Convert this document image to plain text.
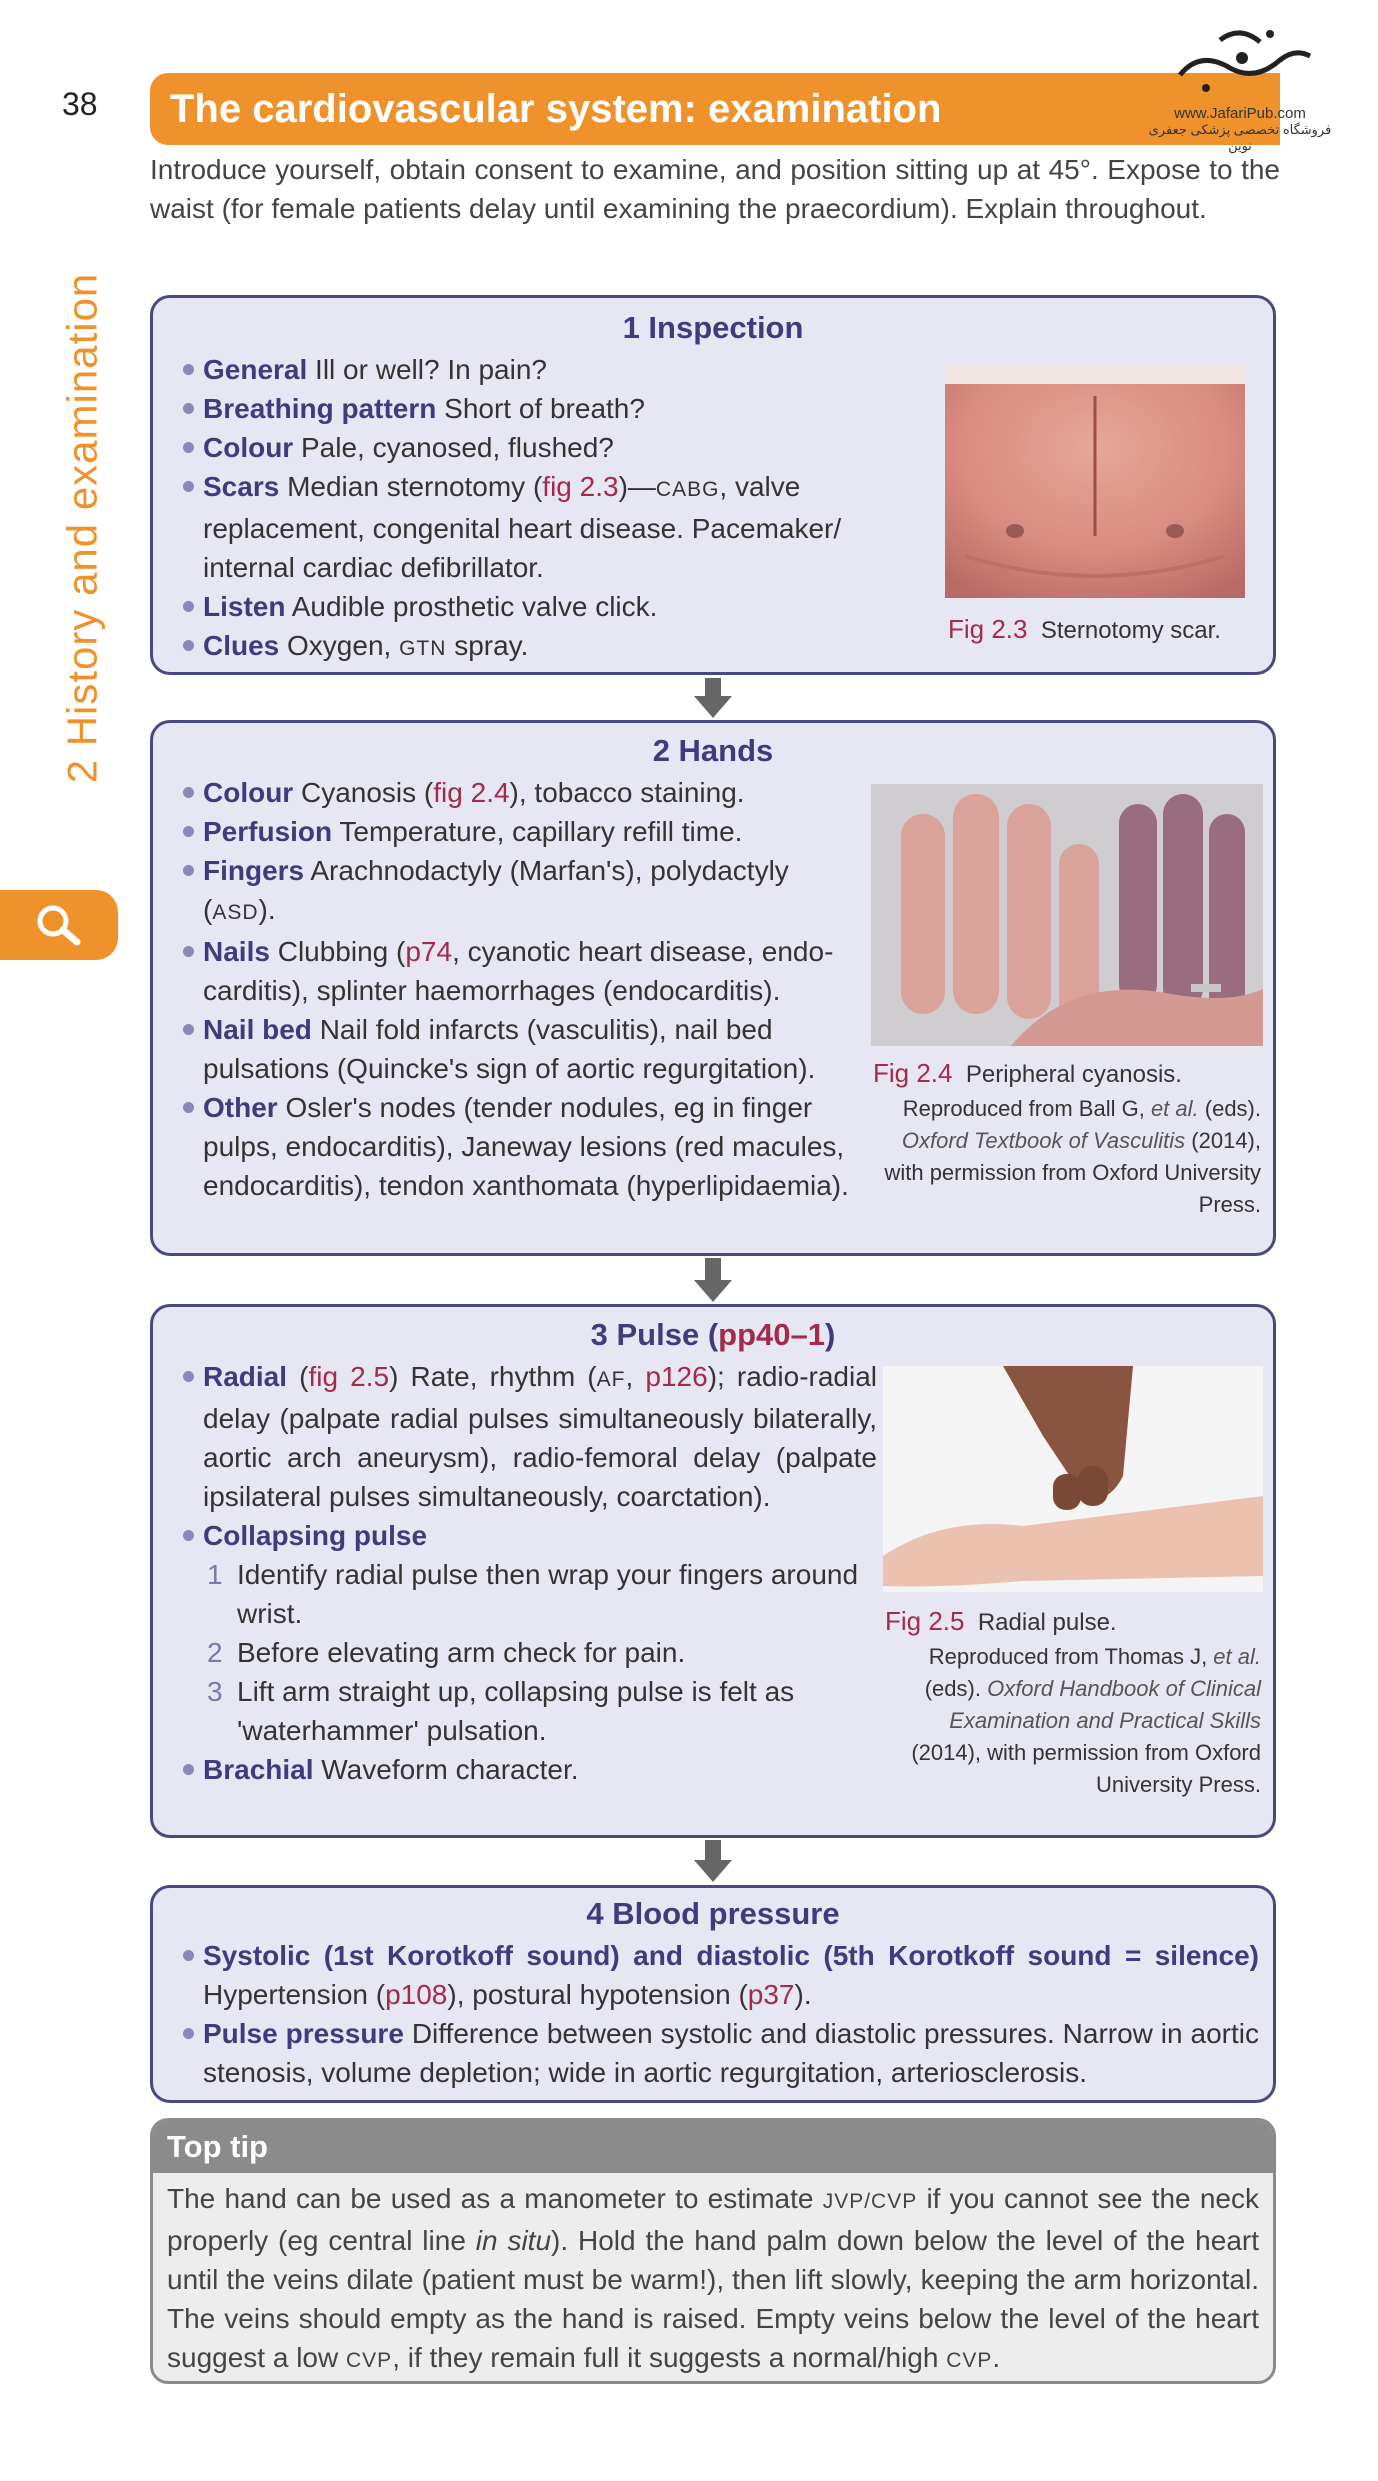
38
2 History and examination
The cardiovascular system: examination	www.JafariPub.com
فروشگاه تخصصی پزشکی جعفری نوین

Introduce yourself, obtain consent to examine, and position sitting up at 45°. Expose to the waist (for female patients delay until examining the praecordium). Explain throughout.

1 Inspection
General Ill or well? In pain?
Breathing pattern Short of breath?
Colour Pale, cyanosed, flushed?
Scars Median sternotomy (fig 2.3)—CABG, valve replacement, congenital heart disease. Pacemaker/ internal cardiac defibrillator.
Listen Audible prosthetic valve click.
Clues Oxygen, GTN spray.
Fig 2.3 Sternotomy scar.
2 Hands
Colour Cyanosis (fig 2.4), tobacco staining.
Perfusion Temperature, capillary refill time.
Fingers Arachnodactyly (Marfan's), polydactyly (ASD).
Nails Clubbing (p74, cyanotic heart disease, endo-carditis), splinter haemorrhages (endocarditis).
Nail bed Nail fold infarcts (vasculitis), nail bed pulsations (Quincke's sign of aortic regurgitation).
Other Osler's nodes (tender nodules, eg in finger pulps, endocarditis), Janeway lesions (red macules, endocarditis), tendon xanthomata (hyperlipidaemia).
Fig 2.4 Peripheral cyanosis.
Reproduced from Ball G, et al. (eds). Oxford Textbook of Vasculitis (2014), with permission from Oxford University Press.
3 Pulse (pp40–1)
Radial (fig 2.5) Rate, rhythm (AF, p126); radio-radial delay (palpate radial pulses simultaneously bilaterally, aortic arch aneurysm), radio-femoral delay (palpate ipsilateral pulses simultaneously, coarctation).
Collapsing pulse
1 Identify radial pulse then wrap your fingers around wrist.
2 Before elevating arm check for pain.
3 Lift arm straight up, collapsing pulse is felt as 'waterhammer' pulsation.
Brachial Waveform character.
Fig 2.5 Radial pulse.
Reproduced from Thomas J, et al. (eds). Oxford Handbook of Clinical Examination and Practical Skills (2014), with permission from Oxford University Press.
4 Blood pressure
Systolic (1st Korotkoff sound) and diastolic (5th Korotkoff sound = silence) Hypertension (p108), postural hypotension (p37).
Pulse pressure Difference between systolic and diastolic pressures. Narrow in aortic stenosis, volume depletion; wide in aortic regurgitation, arteriosclerosis.
Top tip

The hand can be used as a manometer to estimate JVP/CVP if you cannot see the neck properly (eg central line in situ). Hold the hand palm down below the level of the heart until the veins dilate (patient must be warm!), then lift slowly, keeping the arm horizontal. The veins should empty as the hand is raised. Empty veins below the level of the heart suggest a low CVP, if they remain full it suggests a normal/high CVP.
